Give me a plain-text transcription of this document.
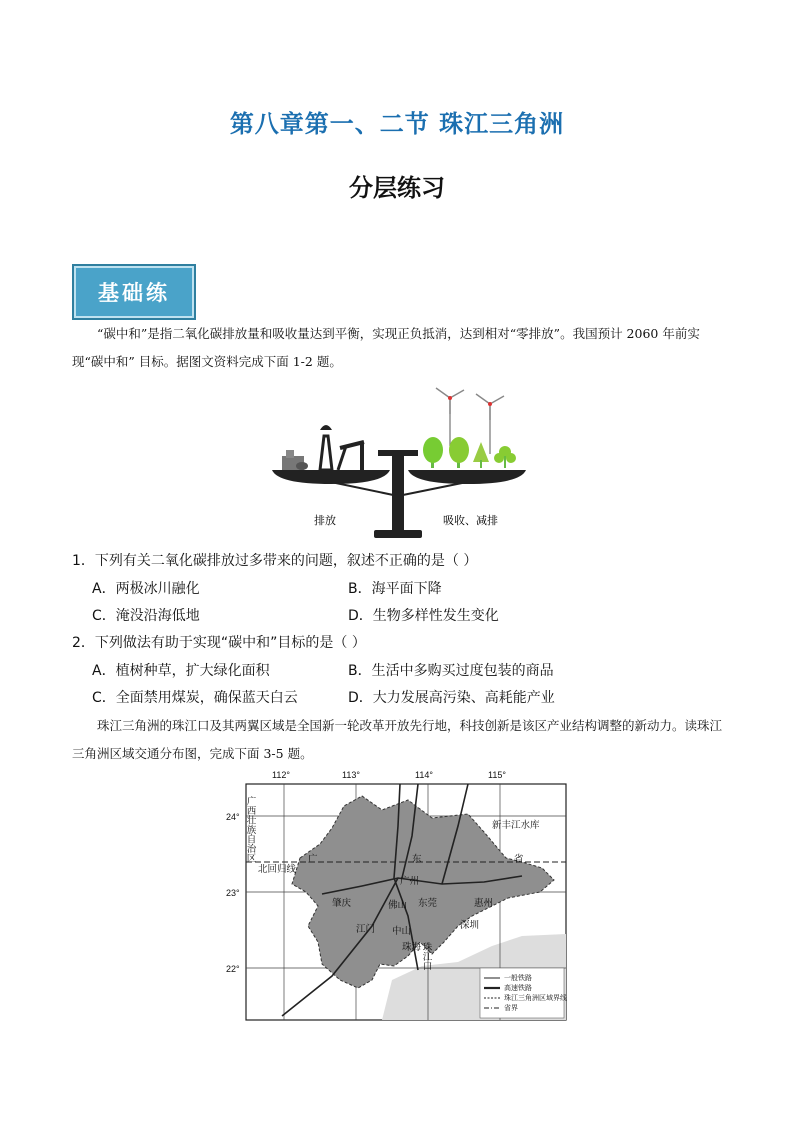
第八章第一、二节 珠江三角洲
分层练习
基础练
“碳中和”是指二氧化碳排放量和吸收量达到平衡，实现正负抵消，达到相对“零排放”。我国预计 2060 年前实现“碳中和” 目标。据图文资料完成下面 1-2 题。
排放	吸收、减排
1．下列有关二氧化碳排放过多带来的问题，叙述不正确的是（ ）
A．两极冰川融化	B．海平面下降
C．淹没沿海低地	D．生物多样性发生变化
2．下列做法有助于实现“碳中和”目标的是（ ）
A．植树种草，扩大绿化面积	B．生活中多购买过度包装的商品
C．全面禁用煤炭，确保蓝天白云	D．大力发展高污染、高耗能产业
珠江三角洲的珠江口及其两翼区域是全国新一轮改革开放先行地，科技创新是该区产业结构调整的新动力。读珠江三角洲区域交通分布图，完成下面 3-5 题。
112°	113°	114°	115°
24°
23°
22°
广西壮族自治区
北回归线
广	东	省
新丰江水库
广州
肇庆	佛山 东莞	惠州
深圳
江门 中山
珠海 珠江口
一般铁路
高速铁路
珠江三角洲区域界线
省界
